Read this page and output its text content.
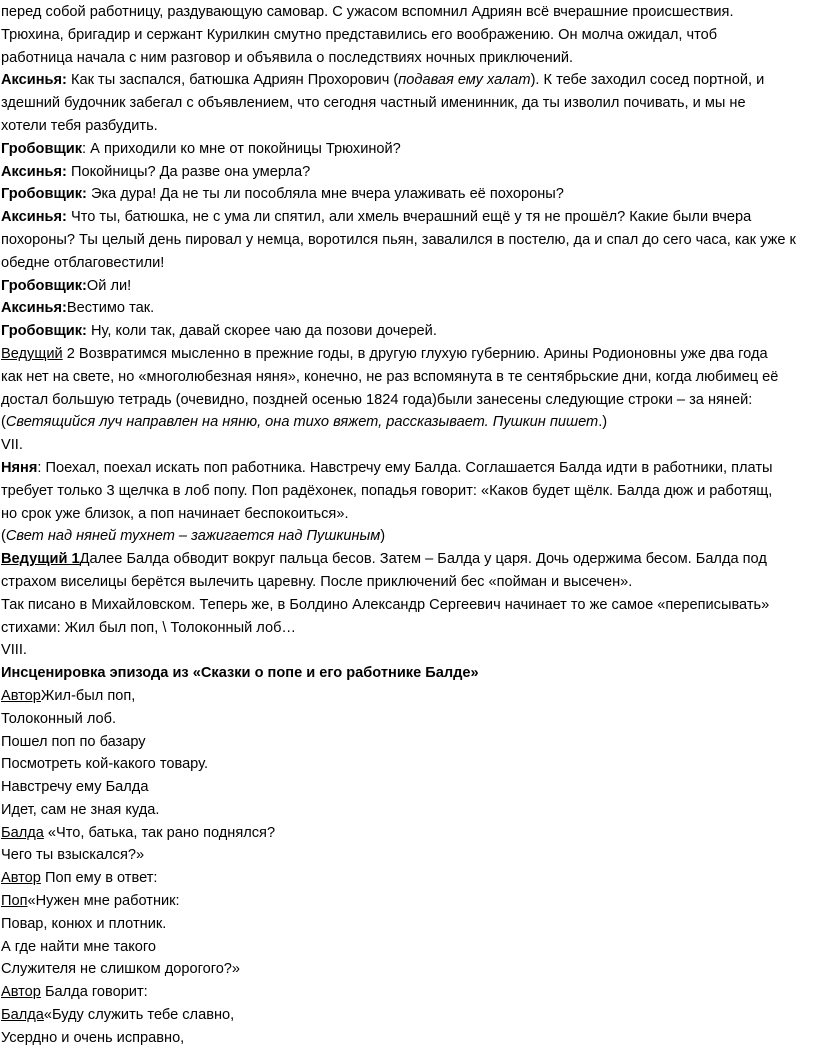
перед собой работницу, раздувающую самовар. С ужасом вспомнил Адриян всё вчерашние происшествия.

Трюхина, бригадир и сержант Курилкин смутно представились его воображению. Он молча ожидал, чтоб

работница начала с ним разговор и объявила о последствиях ночных приключений.

Аксинья: Как ты заспался, батюшка Адриян Прохорович (подавая ему халат). К тебе заходил сосед портной, и

здешний будочник забегал с объявлением, что сегодня частный именинник, да ты изволил почивать, и мы не

хотели тебя разбудить.

Гробовщик: А приходили ко мне от покойницы Трюхиной?

Аксинья: Покойницы? Да разве она умерла?

Гробовщик: Эка дура! Да не ты ли пособляла мне вчера улаживать её похороны?

Аксинья: Что ты, батюшка, не с ума ли спятил, али хмель вчерашний ещё у тя не прошёл? Какие были вчера

похороны? Ты целый день пировал у немца, воротился пьян, завалился в постелю, да и спал до сего часа, как уже к

обедне отблаговестили!

Гробовщик:Ой ли!

Аксинья:Вестимо так.

Гробовщик: Ну, коли так, давай скорее чаю да позови дочерей.

Ведущий 2 Возвратимся мысленно в прежние годы, в другую глухую губернию. Арины Родионовны уже два года

как нет на свете, но «многолюбезная няня», конечно, не раз вспомянута в те сентябрьские дни, когда любимец её

достал большую тетрадь (очевидно, поздней осенью 1824 года)были занесены следующие строки – за няней:

(Светящийся луч направлен на няню, она тихо вяжет, рассказывает. Пушкин пишет.)

VII.

Няня: Поехал, поехал искать поп работника. Навстречу ему Балда. Соглашается Балда идти в работники, платы

требует только 3 щелчка в лоб попу. Поп радёхонек, попадья говорит: «Каков будет щёлк. Балда дюж и работящ,

но срок уже близок, а поп начинает беспокоиться».

(Свет над няней тухнет – зажигается над Пушкиным)

Ведущий 1Далее Балда обводит вокруг пальца бесов. Затем – Балда у царя. Дочь одержима бесом. Балда под

страхом виселицы берётся вылечить царевну. После приключений бес «пойман и высечен».

Так писано в Михайловском. Теперь же, в Болдино Александр Сергеевич начинает то же самое «переписывать»

стихами: Жил был поп, \ Толоконный лоб…

VIII.

Инсценировка эпизода из «Сказки о попе и его работнике Балде»

АвторЖил-был поп,

Толоконный лоб.

Пошел поп по базару

Посмотреть кой-какого товару.

Навстречу ему Балда

Идет, сам не зная куда.

Балда «Что, батька, так рано поднялся?

Чего ты взыскался?»

Автор Поп ему в ответ:

Поп«Нужен мне работник:

Повар, конюх и плотник.

А где найти мне такого

Служителя не слишком дорогого?»

Автор Балда говорит:

Балда«Буду служить тебе славно,

Усердно и очень исправно,
